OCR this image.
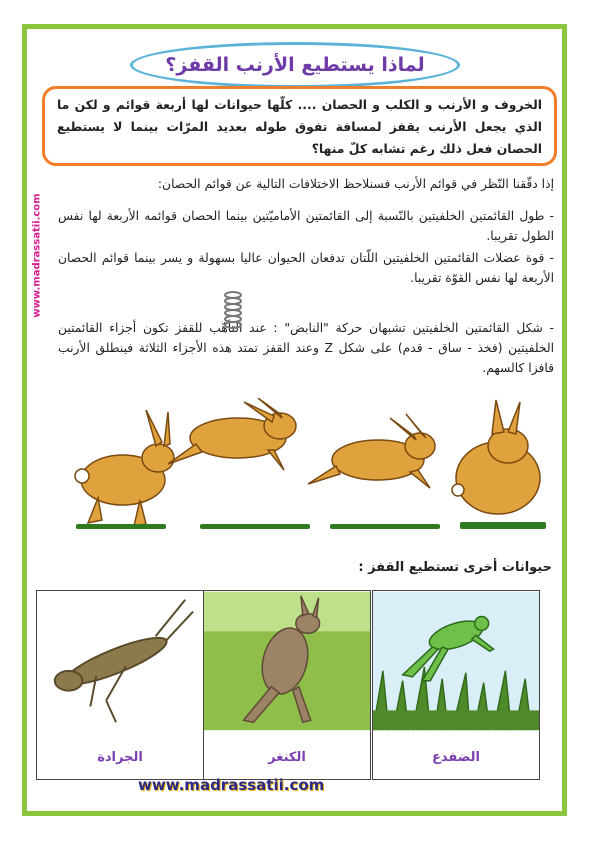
لماذا يستطيع الأرنب القفز؟
الخروف و الأرنب و الكلب و الحصان .... كلّها حيوانات لها أربعة قوائم و لكن ما الذي يجعل الأرنب يقفز لمسافة تفوق طوله بعديد المرّات بينما لا يستطيع الحصان فعل ذلك رغم تشابه كلّ منها؟
www.madrassatii.com
إذا دقّقنا النّظر في قوائم الأرنب فسنلاحظ الاختلافات التالية عن قوائم الحصان:
- طول القائمتين الخلفيتين بالنّسبة إلى القائمتين الأماميّتين بينما الحصان قوائمه الأربعة لها نفس الطول تقريبا.
- قوة عضلات القائمتين الخلفيتين اللّتان تدفعان الحيوان عاليا بسهولة و يسر بينما قوائم الحصان الأربعة لها نفس القوّة تقريبا.
- شكل القائمتين الخلفيتين تشبهان حركة "النابض" : عند التأهّب للقفز تكون أجزاء القائمتين الخلفيتين (فخذ - ساق - قدم) على شكل Z وعند القفز تمتد هذه الأجزاء الثلاثة فينطلق الأرنب قافزا كالسهم.
حيوانات أخرى تستطيع القفز :
الجرادة	الكنغر	الضفدع
www.madrassatii.com
